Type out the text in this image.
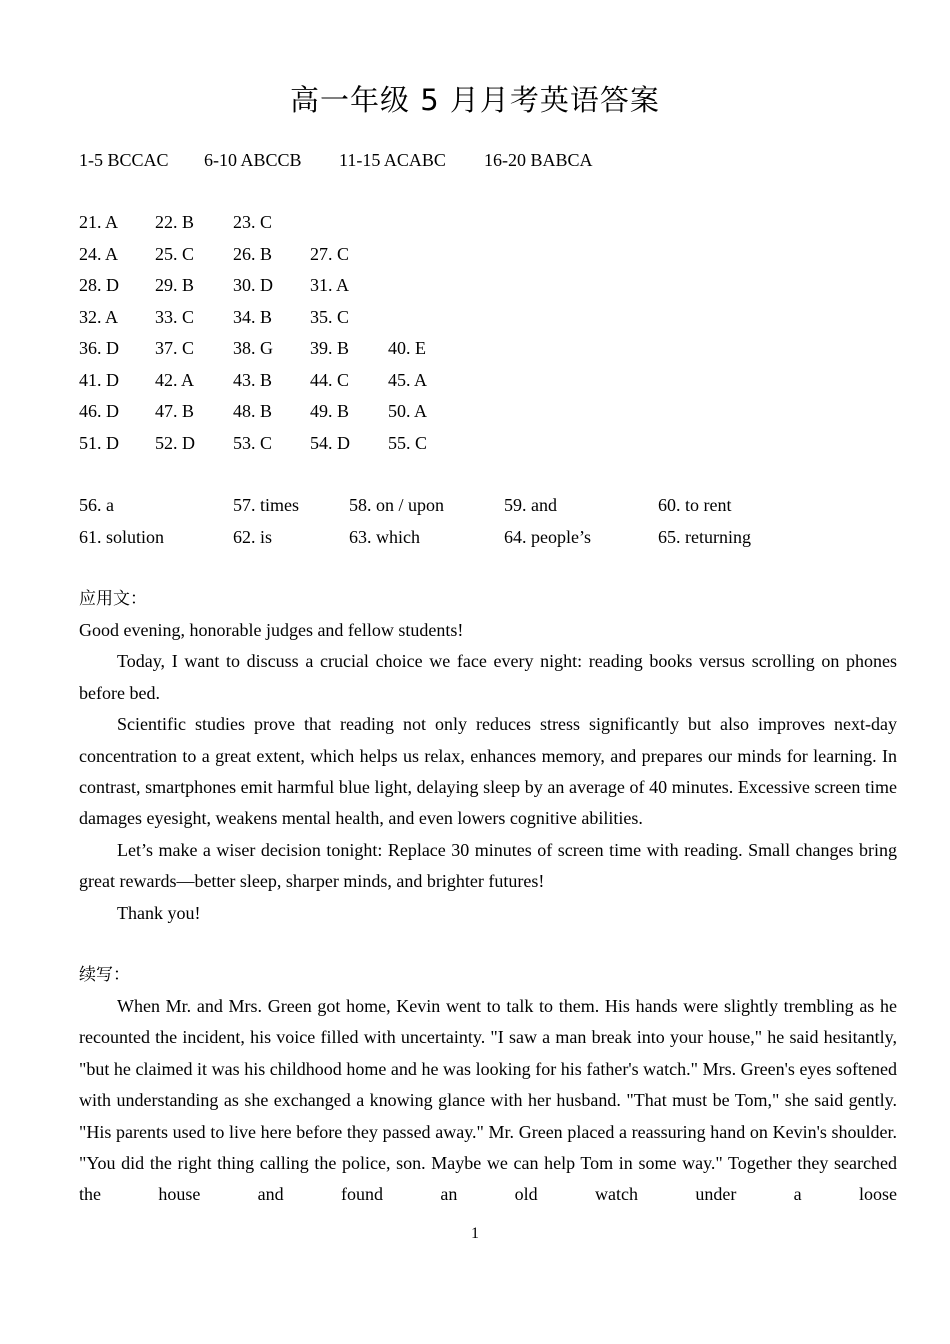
高一年级 5 月月考英语答案
1-5 BCCAC 6-10 ABCCB 11-15 ACABC 16-20 BABCA
21. A 22. B 23. C
24. A 25. C 26. B 27. C
28. D 29. B 30. D 31. A
32. A 33. C 34. B 35. C
36. D 37. C 38. G 39. B 40. E
41. D 42. A 43. B 44. C 45. A
46. D 47. B 48. B 49. B 50. A
51. D 52. D 53. C 54. D 55. C
56. a	57. times	58. on / upon	59. and	60. to rent
61. solution	62. is	63. which	64. people’s	65. returning
应用文：

Good evening, honorable judges and fellow students!

Today, I want to discuss a crucial choice we face every night: reading books versus scrolling on phones before bed.

Scientific studies prove that reading not only reduces stress significantly but also improves next-day concentration to a great extent, which helps us relax, enhances memory, and prepares our minds for learning. In contrast, smartphones emit harmful blue light, delaying sleep by an average of 40 minutes. Excessive screen time damages eyesight, weakens mental health, and even lowers cognitive abilities.

Let’s make a wiser decision tonight: Replace 30 minutes of screen time with reading. Small changes bring great rewards—better sleep, sharper minds, and brighter futures!

Thank you!

续写：

When Mr. and Mrs. Green got home, Kevin went to talk to them. His hands were slightly trembling as he recounted the incident, his voice filled with uncertainty. "I saw a man break into your house," he said hesitantly, "but he claimed it was his childhood home and he was looking for his father's watch." Mrs. Green's eyes softened with understanding as she exchanged a knowing glance with her husband. "That must be Tom," she said gently. "His parents used to live here before they passed away." Mr. Green placed a reassuring hand on Kevin's shoulder. "You did the right thing calling the police, son. Maybe we can help Tom in some way." Together they searched the house and found an old watch under a loose

1
